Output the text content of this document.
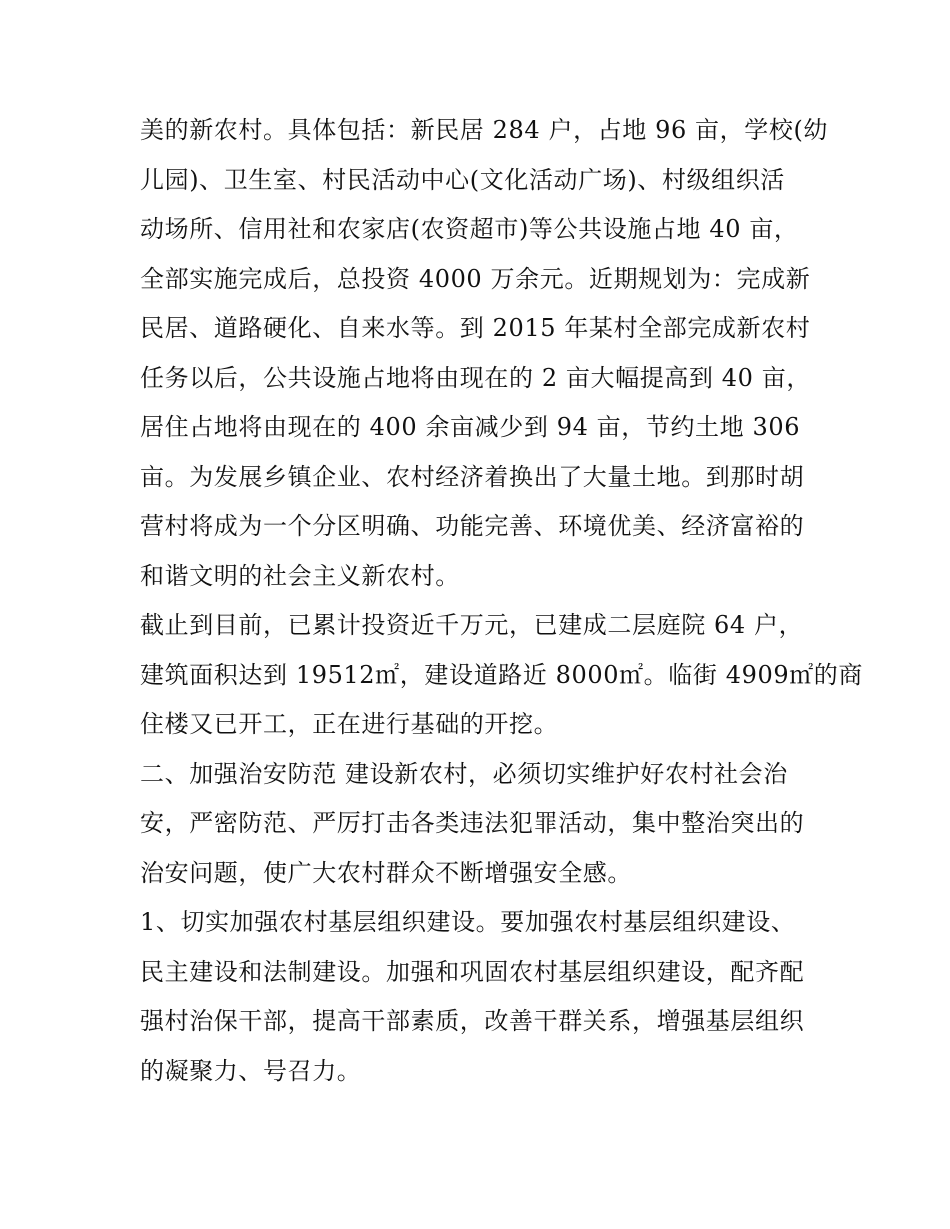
美的新农村。具体包括：新民居 284 户，占地 96 亩，学校(幼
儿园)、卫生室、村民活动中心(文化活动广场)、村级组织活
动场所、信用社和农家店(农资超市)等公共设施占地 40 亩，
全部实施完成后，总投资 4000 万余元。近期规划为：完成新
民居、道路硬化、自来水等。到 2015 年某村全部完成新农村
任务以后，公共设施占地将由现在的 2 亩大幅提高到 40 亩，
居住占地将由现在的 400 余亩减少到 94 亩，节约土地 306
亩。为发展乡镇企业、农村经济着换出了大量土地。到那时胡
营村将成为一个分区明确、功能完善、环境优美、经济富裕的
和谐文明的社会主义新农村。
截止到目前，已累计投资近千万元，已建成二层庭院 64 户，
建筑面积达到 19512㎡，建设道路近 8000㎡。临街 4909㎡的商
住楼又已开工，正在进行基础的开挖。
二、加强治安防范 建设新农村，必须切实维护好农村社会治
安，严密防范、严厉打击各类违法犯罪活动，集中整治突出的
治安问题，使广大农村群众不断增强安全感。
1、切实加强农村基层组织建设。要加强农村基层组织建设、
民主建设和法制建设。加强和巩固农村基层组织建设，配齐配
强村治保干部，提高干部素质，改善干群关系，增强基层组织
的凝聚力、号召力。
